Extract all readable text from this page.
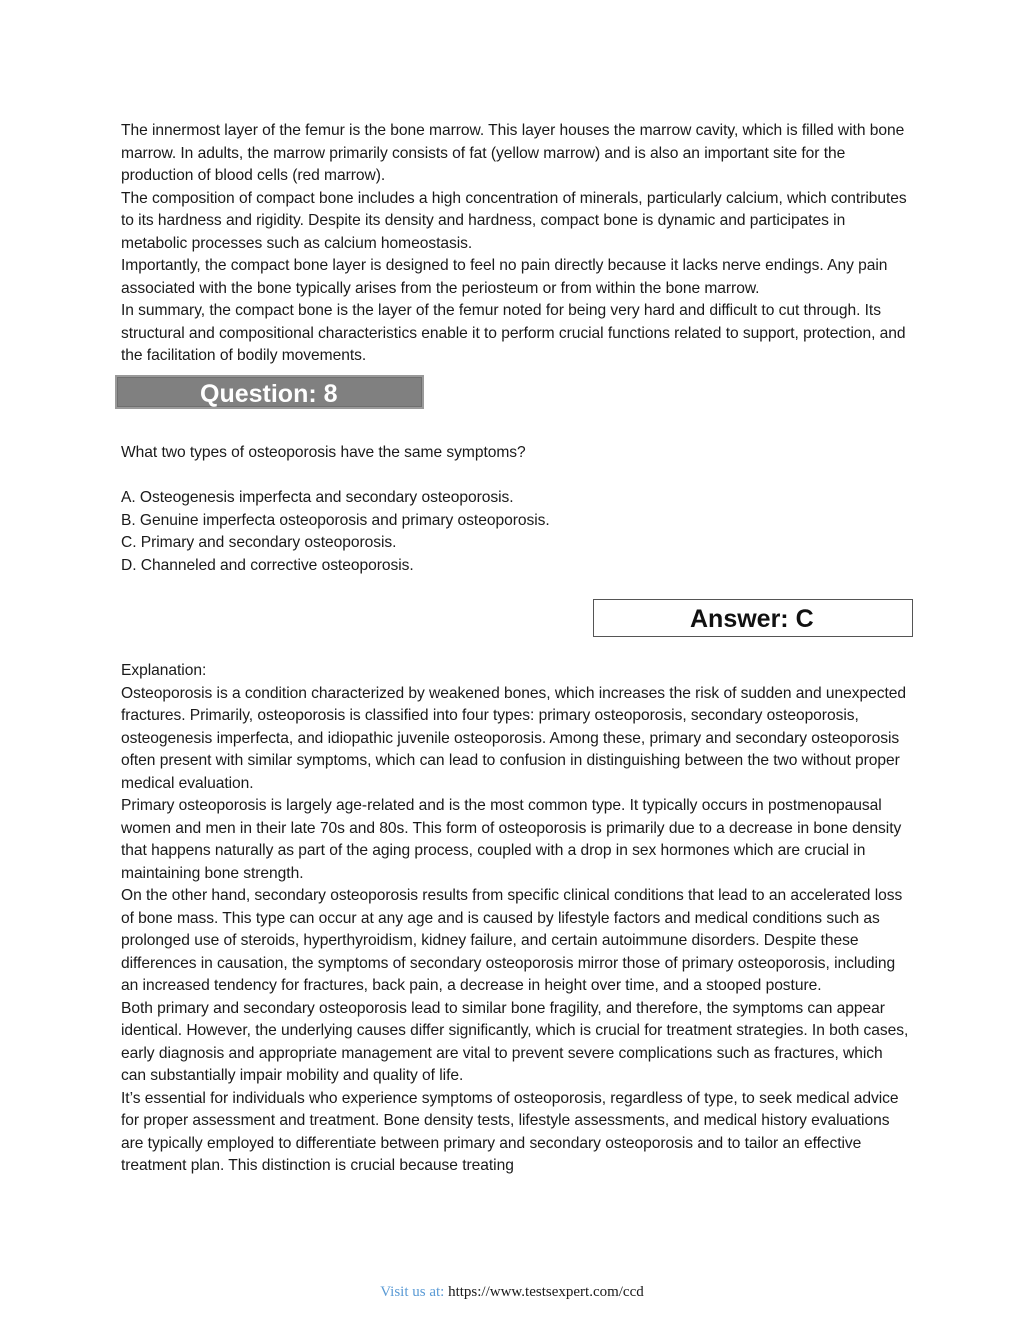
The innermost layer of the femur is the bone marrow. This layer houses the marrow cavity, which is filled with bone marrow. In adults, the marrow primarily consists of fat (yellow marrow) and is also an important site for the production of blood cells (red marrow).

The composition of compact bone includes a high concentration of minerals, particularly calcium, which contributes to its hardness and rigidity. Despite its density and hardness, compact bone is dynamic and participates in metabolic processes such as calcium homeostasis.

Importantly, the compact bone layer is designed to feel no pain directly because it lacks nerve endings. Any pain associated with the bone typically arises from the periosteum or from within the bone marrow.

In summary, the compact bone is the layer of the femur noted for being very hard and difficult to cut through. Its structural and compositional characteristics enable it to perform crucial functions related to support, protection, and the facilitation of bodily movements.

Question: 8

What two types of osteoporosis have the same symptoms?

A. Osteogenesis imperfecta and secondary osteoporosis.

B. Genuine imperfecta osteoporosis and primary osteoporosis.

C. Primary and secondary osteoporosis.

D. Channeled and corrective osteoporosis.

Answer: C

Explanation:

Osteoporosis is a condition characterized by weakened bones, which increases the risk of sudden and unexpected fractures. Primarily, osteoporosis is classified into four types: primary osteoporosis, secondary osteoporosis, osteogenesis imperfecta, and idiopathic juvenile osteoporosis. Among these, primary and secondary osteoporosis often present with similar symptoms, which can lead to confusion in distinguishing between the two without proper medical evaluation.

Primary osteoporosis is largely age-related and is the most common type. It typically occurs in postmenopausal women and men in their late 70s and 80s. This form of osteoporosis is primarily due to a decrease in bone density that happens naturally as part of the aging process, coupled with a drop in sex hormones which are crucial in maintaining bone strength.

On the other hand, secondary osteoporosis results from specific clinical conditions that lead to an accelerated loss of bone mass. This type can occur at any age and is caused by lifestyle factors and medical conditions such as prolonged use of steroids, hyperthyroidism, kidney failure, and certain autoimmune disorders. Despite these differences in causation, the symptoms of secondary osteoporosis mirror those of primary osteoporosis, including an increased tendency for fractures, back pain, a decrease in height over time, and a stooped posture.

Both primary and secondary osteoporosis lead to similar bone fragility, and therefore, the symptoms can appear identical. However, the underlying causes differ significantly, which is crucial for treatment strategies. In both cases, early diagnosis and appropriate management are vital to prevent severe complications such as fractures, which can substantially impair mobility and quality of life.

It’s essential for individuals who experience symptoms of osteoporosis, regardless of type, to seek medical advice for proper assessment and treatment. Bone density tests, lifestyle assessments, and medical history evaluations are typically employed to differentiate between primary and secondary osteoporosis and to tailor an effective treatment plan. This distinction is crucial because treating

Visit us at: https://www.testsexpert.com/ccd
